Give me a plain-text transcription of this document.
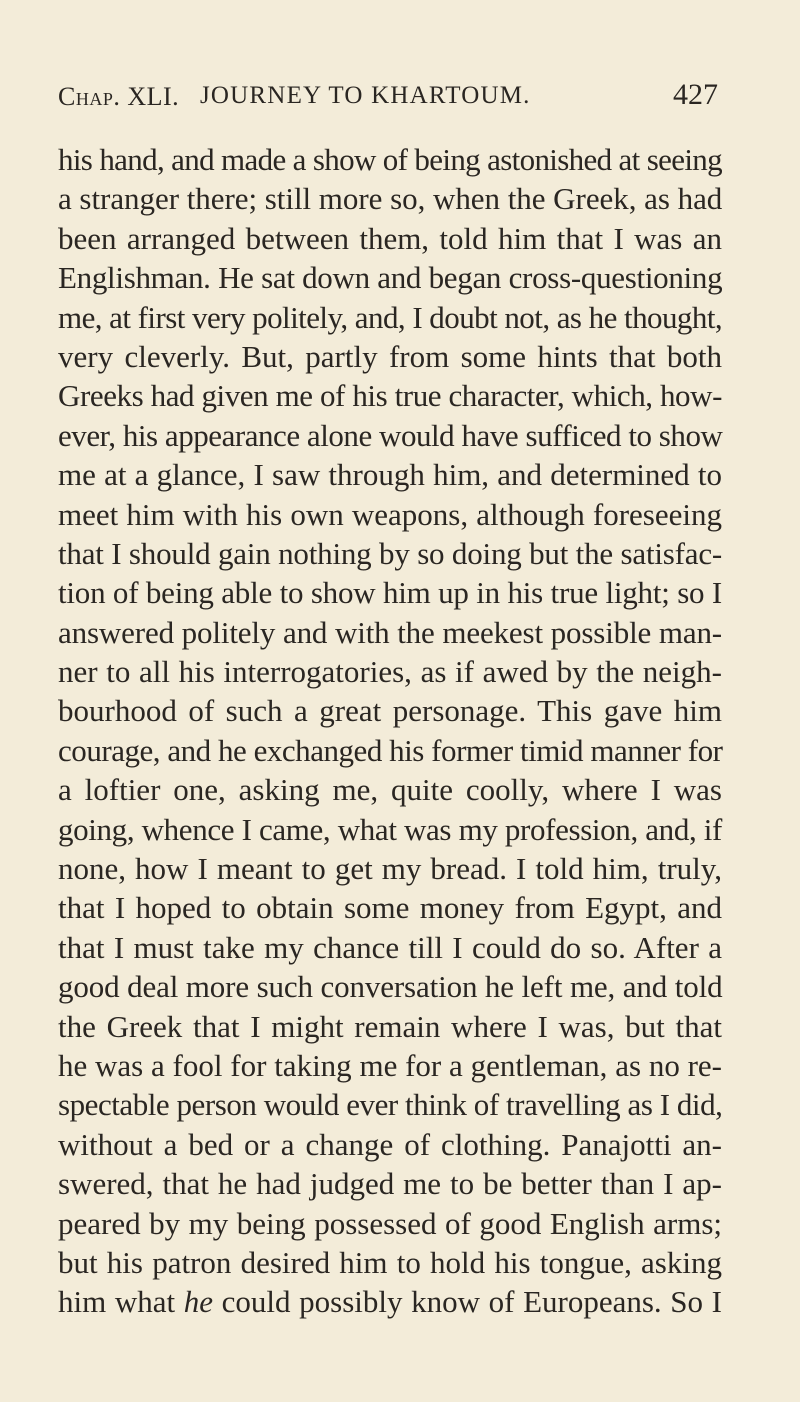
Chap. XLI. JOURNEY TO KHARTOUM.	427
his hand, and made a show of being astonished at seeing
a stranger there; still more so, when the Greek, as had
been arranged between them, told him that I was an
Englishman. He sat down and began cross-questioning
me, at first very politely, and, I doubt not, as he thought,
very cleverly. But, partly from some hints that both
Greeks had given me of his true character, which, how-
ever, his appearance alone would have sufficed to show
me at a glance, I saw through him, and determined to
meet him with his own weapons, although foreseeing
that I should gain nothing by so doing but the satisfac-
tion of being able to show him up in his true light; so I
answered politely and with the meekest possible man-
ner to all his interrogatories, as if awed by the neigh-
bourhood of such a great personage. This gave him
courage, and he exchanged his former timid manner for
a loftier one, asking me, quite coolly, where I was
going, whence I came, what was my profession, and, if
none, how I meant to get my bread. I told him, truly,
that I hoped to obtain some money from Egypt, and
that I must take my chance till I could do so. After a
good deal more such conversation he left me, and told
the Greek that I might remain where I was, but that
he was a fool for taking me for a gentleman, as no re-
spectable person would ever think of travelling as I did,
without a bed or a change of clothing. Panajotti an-
swered, that he had judged me to be better than I ap-
peared by my being possessed of good English arms;
but his patron desired him to hold his tongue, asking
him what he could possibly know of Europeans. So I
